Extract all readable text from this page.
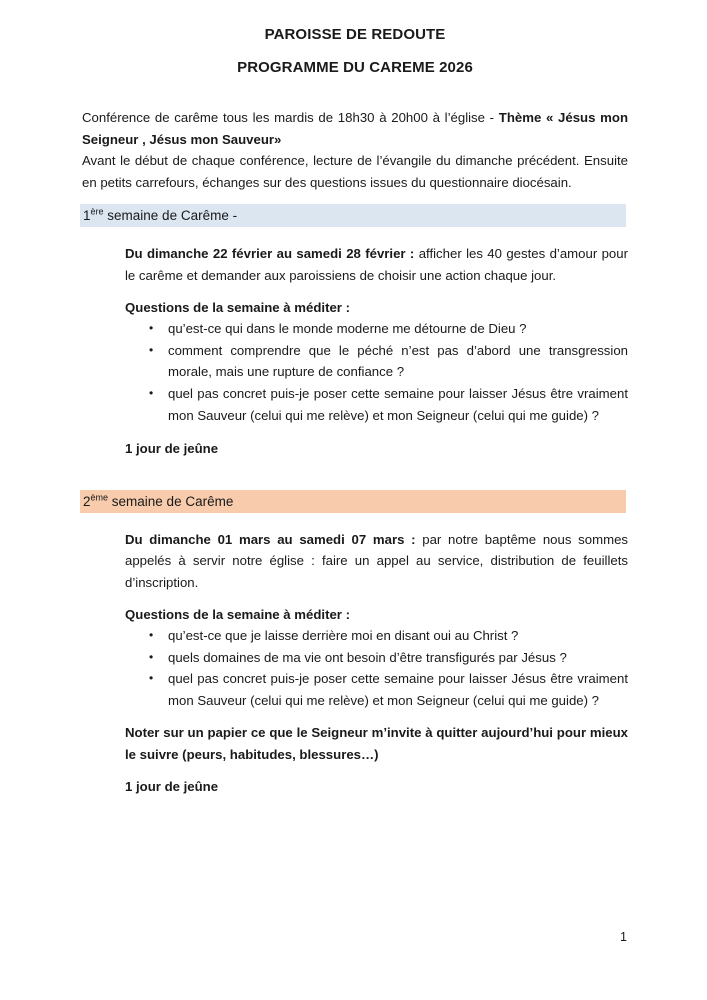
PAROISSE DE REDOUTE
PROGRAMME DU CAREME 2026

Conférence de carême tous les mardis de 18h30 à 20h00 à l’église - Thème « Jésus mon Seigneur , Jésus mon Sauveur»

Avant le début de chaque conférence, lecture de l’évangile du dimanche précédent. Ensuite en petits carrefours, échanges sur des questions issues du questionnaire diocésain.

1ère semaine de Carême -

Du dimanche 22 février au samedi 28 février : afficher les 40 gestes d’amour pour le carême et demander aux paroissiens de choisir une action chaque jour.

Questions de la semaine à méditer :

•	qu’est-ce qui dans le monde moderne me détourne de Dieu ?
•	comment comprendre que le péché n’est pas d’abord une transgression morale, mais une rupture de confiance ?
•	quel pas concret puis-je poser cette semaine pour laisser Jésus être vraiment mon Sauveur (celui qui me relève) et mon Seigneur (celui qui me guide) ?

1 jour de jeûne

2ème semaine de Carême

Du dimanche 01 mars au samedi 07 mars : par notre baptême nous sommes appelés à servir notre église : faire un appel au service, distribution de feuillets d’inscription.

Questions de la semaine à méditer :

•	qu’est-ce que je laisse derrière moi en disant oui au Christ ?
•	quels domaines de ma vie ont besoin d’être transfigurés par Jésus ?
•	quel pas concret puis-je poser cette semaine pour laisser Jésus être vraiment mon Sauveur (celui qui me relève) et mon Seigneur (celui qui me guide) ?

Noter sur un papier ce que le Seigneur m’invite à quitter aujourd’hui pour mieux le suivre (peurs, habitudes, blessures…)

1 jour de jeûne

1
